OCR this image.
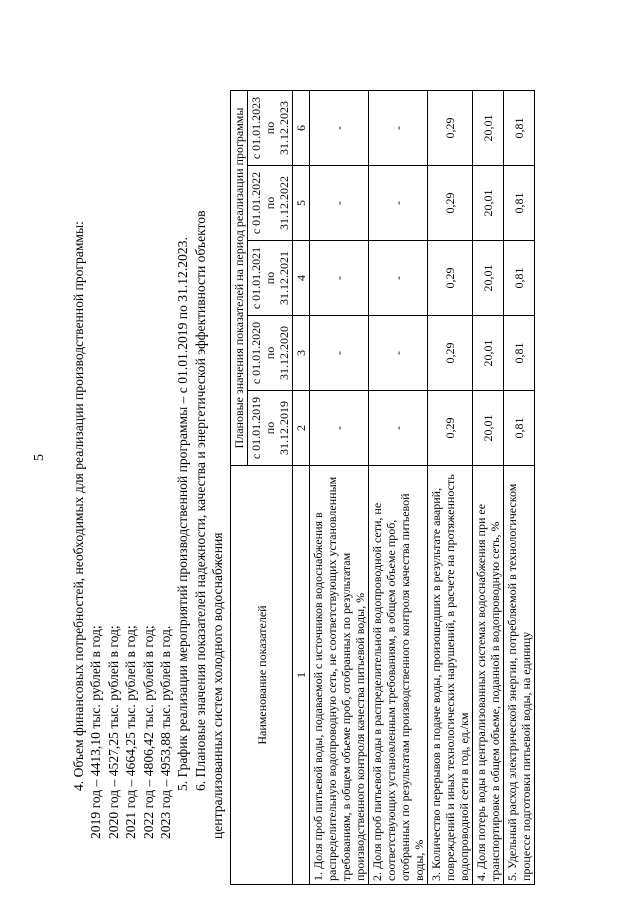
5 4. Объем финансовых потребностей, необходимых для реализации производственной программы: 2019 год – 4413,10 тыс. рублей в год; 2020 год – 4527,25 тыс. рублей в год; 2021 год – 4664,25 тыс. рублей в год; 2022 год – 4806,42 тыс. рублей в год; 2023 год – 4953,88 тыс. рублей в год. 5. График реализации мероприятий производственной программы – с 01.01.2019 по 31.12.2023. 6. Плановые значения показателей надежности, качества и энергетической эффективности объектов централизованных систем холодного водоснабжения Наименование показателей	Плановые значения показателей на период реализации программы				
	с 01.01.2019 по 31.12.2019	с 01.01.2020 по 31.12.2020	с 01.01.2021 по 31.12.2021	с 01.01.2022 по 31.12.2022	с 01.01.2023 по 31.12.2023
1	2	3	4	5	6
1. Доля проб питьевой воды, подаваемой с источников водоснабжения в распределительную водопроводную сеть, не соответствующих установленным требованиям, в общем объеме проб, отобранных по результатам производственного контроля качества питьевой воды, %	-	-	-	-	-
2. Доля проб питьевой воды в распределительной водопроводной сети, не соответствующих установленным требованиям, в общем объеме проб, отобранных по результатам производственного контроля качества питьевой воды, %	-	-	-	-	-
3. Количество перерывов в подаче воды, произошедших в результате аварий, повреждений и иных технологических нарушений, в расчете на протяженность водопроводной сети в год, ед./км	0,29	0,29	0,29	0,29	0,29
4. Доля потерь воды в централизованных системах водоснабжения при ее транспортировке в общем объеме, поданной в водопроводную сеть, %	20,01	20,01	20,01	20,01	20,01
5. Удельный расход электрической энергии, потребляемой в технологическом процессе подготовки питьевой воды, на единицу	0,81	0,81	0,81	0,81	0,81
